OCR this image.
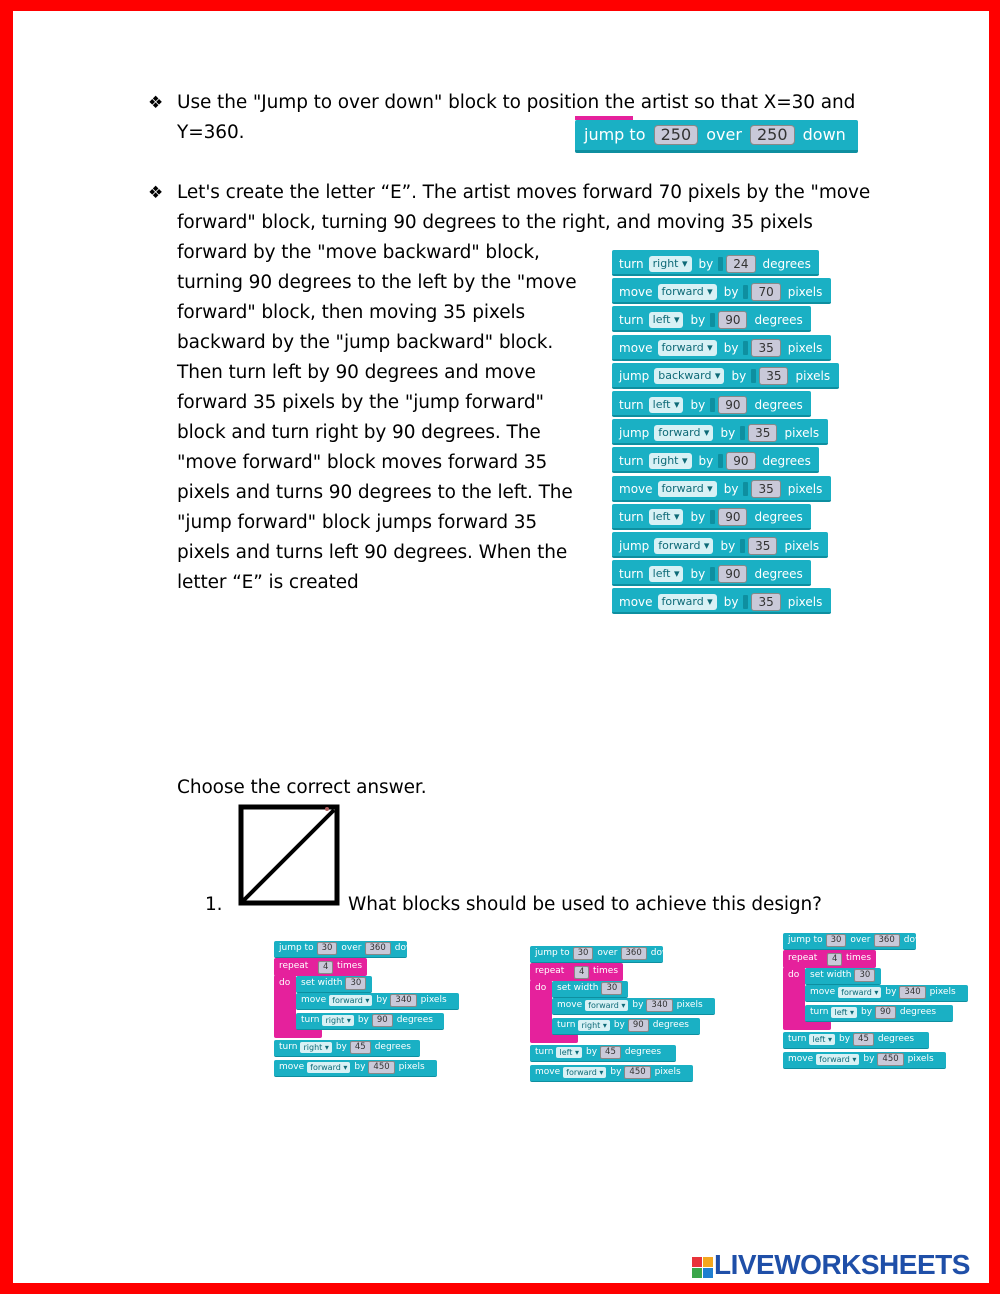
❖ Use the "Jump to over down" block to position the artist so that X=30 and
Y=360.	jump to 250 over 250 down
❖ Let's create the letter “E”. The artist moves forward 70 pixels by the "move
forward" block, turning 90 degrees to the right, and moving 35 pixels
forward by the "move backward" block,
turning 90 degrees to the left by the "move
forward" block, then moving 35 pixels
backward by the "jump backward" block.
Then turn left by 90 degrees and move
forward 35 pixels by the "jump forward"
block and turn right by 90 degrees. The
"move forward" block moves forward 35
pixels and turns 90 degrees to the left. The
"jump forward" block jumps forward 35
pixels and turns left 90 degrees. When the
letter “E” is created
turn right ▾ by 24 degrees
move forward ▾ by 70 pixels
turn left ▾ by 90 degrees
move forward ▾ by 35 pixels
jump backward ▾ by 35 pixels
turn left ▾ by 90 degrees
jump forward ▾ by 35 pixels
turn right ▾ by 90 degrees
move forward ▾ by 35 pixels
turn left ▾ by 90 degrees
jump forward ▾ by 35 pixels
turn left ▾ by 90 degrees
move forward ▾ by 35 pixels
Choose the correct answer.
1.	What blocks should be used to achieve this design?
jump to 30 over 360 down
repeat	4 times
do	set width 30
move forward ▾ by 340 pixels
turn right ▾ by 90 degrees
turn right ▾ by 45 degrees
move forward ▾ by 450 pixels
jump to 30 over 360 down
repeat	4 times
do	set width 30
move forward ▾ by 340 pixels
turn right ▾ by 90 degrees
turn left ▾ by 45 degrees
move forward ▾ by 450 pixels
jump to 30 over 360 down
repeat	4 times
do	set width 30
move forward ▾ by 340 pixels
turn left ▾ by 90 degrees
turn left ▾ by 45 degrees
move forward ▾ by 450 pixels
LIVEWORKSHEETS
